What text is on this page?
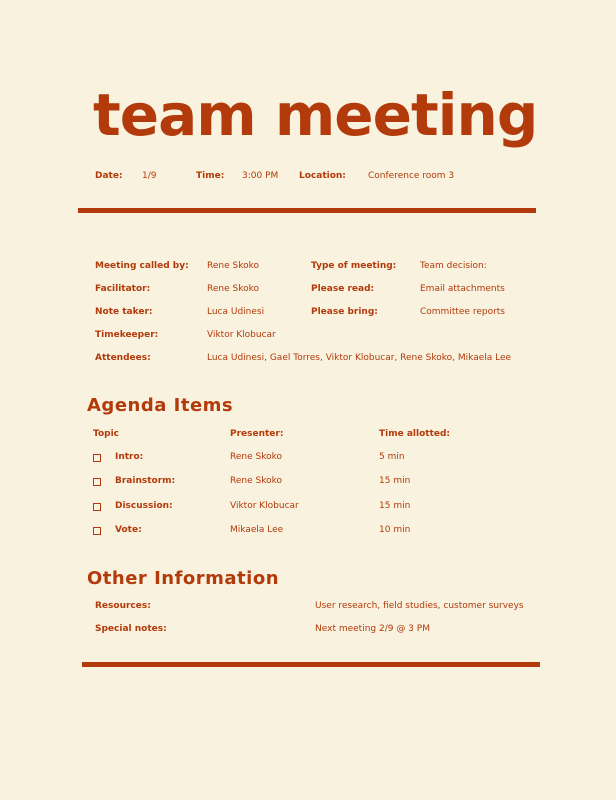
team meeting
Date: 1/9	Time: 3:00 PM Location: Conference room 3
Meeting called by: Rene Skoko	Type of meeting:	Team decision:
Facilitator:	Rene Skoko	Please read:	Email attachments
Note taker:	Luca Udinesi	Please bring:	Committee reports
Timekeeper:	Viktor Klobucar
Attendees:	Luca Udinesi, Gael Torres, Viktor Klobucar, Rene Skoko, Mikaela Lee
Agenda Items
Topic	Presenter:	Time allotted:
Intro:	Rene Skoko	5 min
Brainstorm:	Rene Skoko	15 min
Discussion:	Viktor Klobucar	15 min
Vote:	Mikaela Lee	10 min
Other Information
Resources:	User research, field studies, customer surveys
Special notes:	Next meeting 2/9 @ 3 PM
